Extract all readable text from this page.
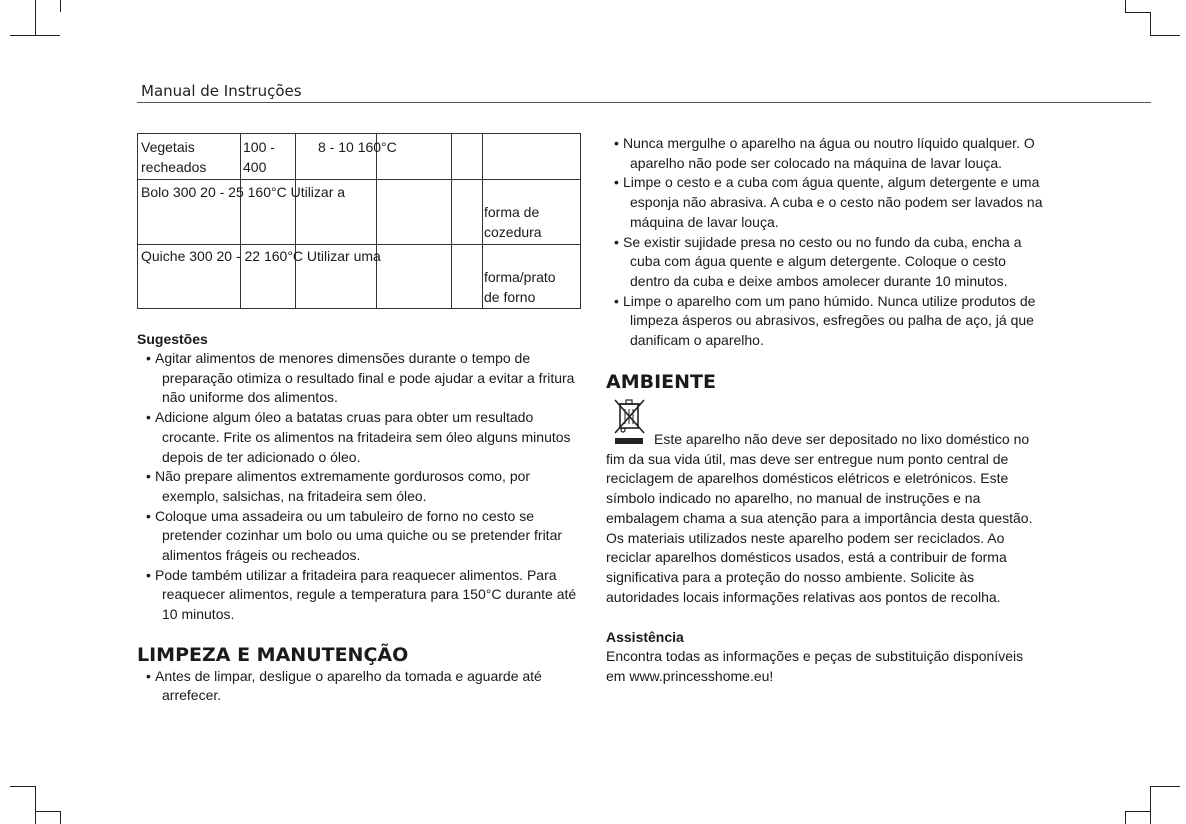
Manual de Instruções
Vegetais
recheados
100 -
400
8 - 10 160°C
Bolo 300 20 - 25 160°C Utilizar a
forma de
cozedura
Quiche 300 20 - 22 160°C Utilizar uma
forma/prato
de forno

Sugestões

• Agitar alimentos de menores dimensões durante o tempo de preparação otimiza o resultado final e pode ajudar a evitar a fritura não uniforme dos alimentos.
• Adicione algum óleo a batatas cruas para obter um resultado crocante. Frite os alimentos na fritadeira sem óleo alguns minutos depois de ter adicionado o óleo.
• Não prepare alimentos extremamente gordurosos como, por exemplo, salsichas, na fritadeira sem óleo.
• Coloque uma assadeira ou um tabuleiro de forno no cesto se pretender cozinhar um bolo ou uma quiche ou se pretender fritar alimentos frágeis ou recheados.
• Pode também utilizar a fritadeira para reaquecer alimentos. Para reaquecer alimentos, regule a temperatura para 150°C durante até 10 minutos.

LIMPEZA E MANUTENÇÃO

• Antes de limpar, desligue o aparelho da tomada e aguarde até arrefecer.
• Nunca mergulhe o aparelho na água ou noutro líquido qualquer. O aparelho não pode ser colocado na máquina de lavar louça.
• Limpe o cesto e a cuba com água quente, algum detergente e uma esponja não abrasiva. A cuba e o cesto não podem ser lavados na máquina de lavar louça.
• Se existir sujidade presa no cesto ou no fundo da cuba, encha a cuba com água quente e algum detergente. Coloque o cesto dentro da cuba e deixe ambos amolecer durante 10 minutos.
• Limpe o aparelho com um pano húmido. Nunca utilize produtos de limpeza ásperos ou abrasivos, esfregões ou palha de aço, já que danificam o aparelho.

AMBIENTE

Este aparelho não deve ser depositado no lixo doméstico no fim da sua vida útil, mas deve ser entregue num ponto central de reciclagem de aparelhos domésticos elétricos e eletrónicos. Este símbolo indicado no aparelho, no manual de instruções e na embalagem chama a sua atenção para a importância desta questão. Os materiais utilizados neste aparelho podem ser reciclados. Ao reciclar aparelhos domésticos usados, está a contribuir de forma significativa para a proteção do nosso ambiente. Solicite às autoridades locais informações relativas aos pontos de recolha.

Assistência

Encontra todas as informações e peças de substituição disponíveis em www.princesshome.eu!
